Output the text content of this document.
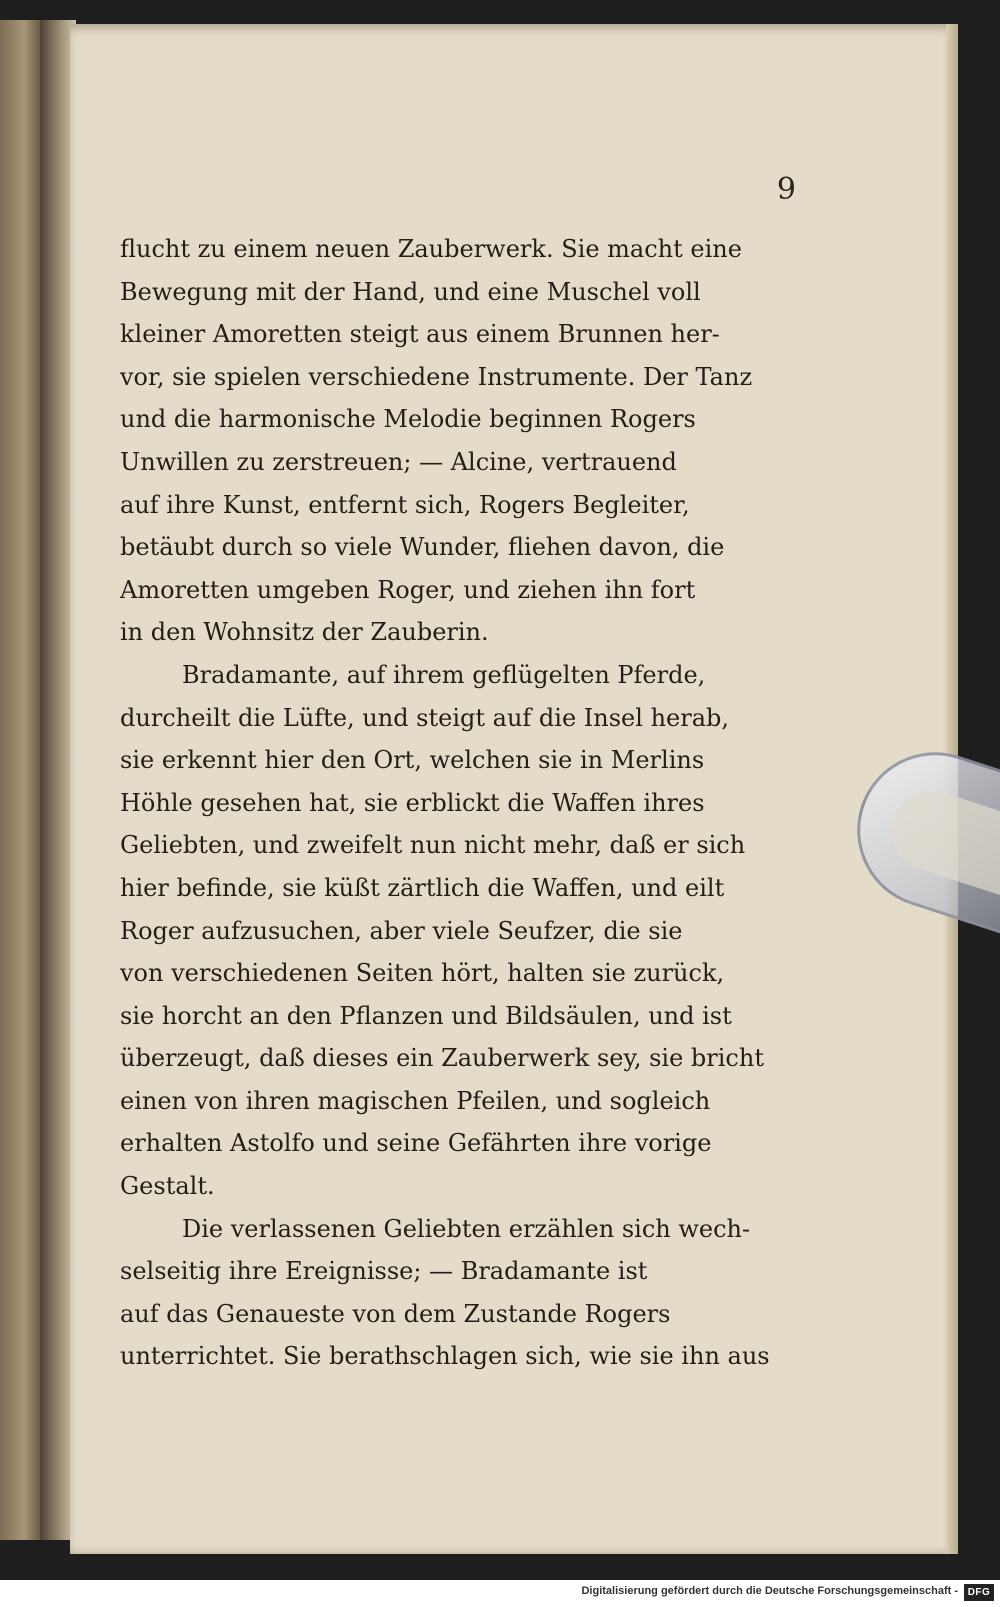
9

flucht zu einem neuen Zauberwerk. Sie macht eine
Bewegung mit der Hand, und eine Muschel voll
kleiner Amoretten steigt aus einem Brunnen her-
vor, sie spielen verschiedene Instrumente. Der Tanz
und die harmonische Melodie beginnen Rogers
Unwillen zu zerstreuen; — Alcine, vertrauend
auf ihre Kunst, entfernt sich, Rogers Begleiter,
betäubt durch so viele Wunder, fliehen davon, die
Amoretten umgeben Roger, und ziehen ihn fort
in den Wohnsitz der Zauberin.

Bradamante, auf ihrem geflügelten Pferde,
durcheilt die Lüfte, und steigt auf die Insel herab,
sie erkennt hier den Ort, welchen sie in Merlins
Höhle gesehen hat, sie erblickt die Waffen ihres
Geliebten, und zweifelt nun nicht mehr, daß er sich
hier befinde, sie küßt zärtlich die Waffen, und eilt
Roger aufzusuchen, aber viele Seufzer, die sie
von verschiedenen Seiten hört, halten sie zurück,
sie horcht an den Pflanzen und Bildsäulen, und ist
überzeugt, daß dieses ein Zauberwerk sey, sie bricht
einen von ihren magischen Pfeilen, und sogleich
erhalten Astolfo und seine Gefährten ihre vorige
Gestalt.

Die verlassenen Geliebten erzählen sich wech-
selseitig ihre Ereignisse; — Bradamante ist
auf das Genaueste von dem Zustande Rogers
unterrichtet. Sie berathschlagen sich, wie sie ihn aus

Digitalisierung gefördert durch die Deutsche Forschungsgemeinschaft - DFG
